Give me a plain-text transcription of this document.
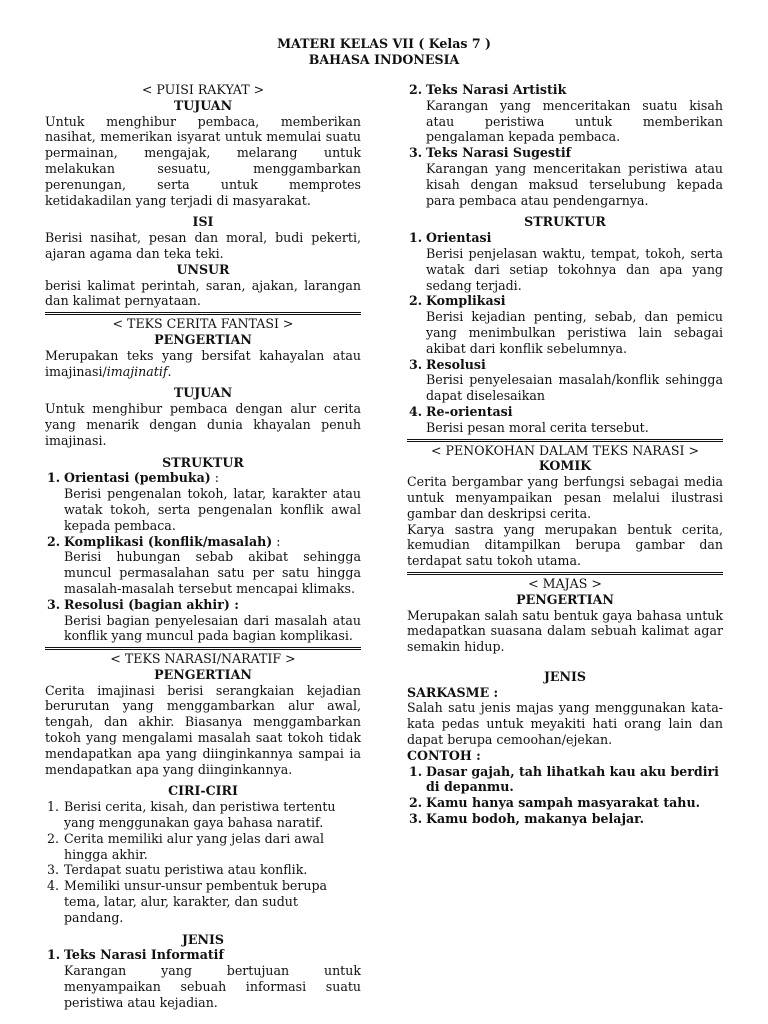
MATERI KELAS VII ( Kelas 7 )
BAHASA INDONESIA

< PUISI RAKYAT >

TUJUAN

Untuk menghibur pembaca, memberikan nasihat, memerikan isyarat untuk memulai suatu permainan, mengajak, melarang untuk melakukan sesuatu, menggambarkan perenungan, serta untuk memprotes ketidakadilan yang terjadi di masyarakat.

ISI

Berisi nasihat, pesan dan moral, budi pekerti, ajaran agama dan teka teki.

UNSUR

berisi kalimat perintah, saran, ajakan, larangan dan kalimat pernyataan.

< TEKS CERITA FANTASI >

PENGERTIAN

Merupakan teks yang bersifat kahayalan atau imajinasi/imajinatif.

TUJUAN

Untuk menghibur pembaca dengan alur cerita yang menarik dengan dunia khayalan penuh imajinasi.

STRUKTUR

1. Orientasi (pembuka) :

Berisi pengenalan tokoh, latar, karakter atau watak tokoh, serta pengenalan konflik awal kepada pembaca.

2. Komplikasi (konflik/masalah) :

Berisi hubungan sebab akibat sehingga muncul permasalahan satu per satu hingga masalah-masalah tersebut mencapai klimaks.

3. Resolusi (bagian akhir) :

Berisi bagian penyelesaian dari masalah atau konflik yang muncul pada bagian komplikasi.

< TEKS NARASI/NARATIF >

PENGERTIAN

Cerita imajinasi berisi serangkaian kejadian berurutan yang menggambarkan alur awal, tengah, dan akhir. Biasanya menggambarkan tokoh yang mengalami masalah saat tokoh tidak mendapatkan apa yang diinginkannya sampai ia mendapatkan apa yang diinginkannya.

CIRI-CIRI

1. Berisi cerita, kisah, dan peristiwa tertentu yang menggunakan gaya bahasa naratif.
2. Cerita memiliki alur yang jelas dari awal hingga akhir.
3. Terdapat suatu peristiwa atau konflik.
4. Memiliki unsur-unsur pembentuk berupa tema, latar, alur, karakter, dan sudut pandang.

JENIS

1. Teks Narasi Informatif

Karangan yang bertujuan untuk menyampaikan sebuah informasi suatu peristiwa atau kejadian.

2. Teks Narasi Artistik

Karangan yang menceritakan suatu kisah atau peristiwa untuk memberikan pengalaman kepada pembaca.

3. Teks Narasi Sugestif

Karangan yang menceritakan peristiwa atau kisah dengan maksud terselubung kepada para pembaca atau pendengarnya.

STRUKTUR

1. Orientasi

Berisi penjelasan waktu, tempat, tokoh, serta watak dari setiap tokohnya dan apa yang sedang terjadi.

2. Komplikasi

Berisi kejadian penting, sebab, dan pemicu yang menimbulkan peristiwa lain sebagai akibat dari konflik sebelumnya.

3. Resolusi

Berisi penyelesaian masalah/konflik sehingga dapat diselesaikan

4. Re-orientasi

Berisi pesan moral cerita tersebut.

< PENOKOHAN DALAM TEKS NARASI >

KOMIK

Cerita bergambar yang berfungsi sebagai media untuk menyampaikan pesan melalui ilustrasi gambar dan deskripsi cerita.

Karya sastra yang merupakan bentuk cerita, kemudian ditampilkan berupa gambar dan terdapat satu tokoh utama.

< MAJAS >

PENGERTIAN

Merupakan salah satu bentuk gaya bahasa untuk medapatkan suasana dalam sebuah kalimat agar semakin hidup.

JENIS

SARKASME :

Salah satu jenis majas yang menggunakan kata-kata pedas untuk meyakiti hati orang lain dan dapat berupa cemoohan/ejekan.

CONTOH :

1. Dasar gajah, tah lihatkah kau aku berdiri di depanmu.
2. Kamu hanya sampah masyarakat tahu.
3. Kamu bodoh, makanya belajar.
